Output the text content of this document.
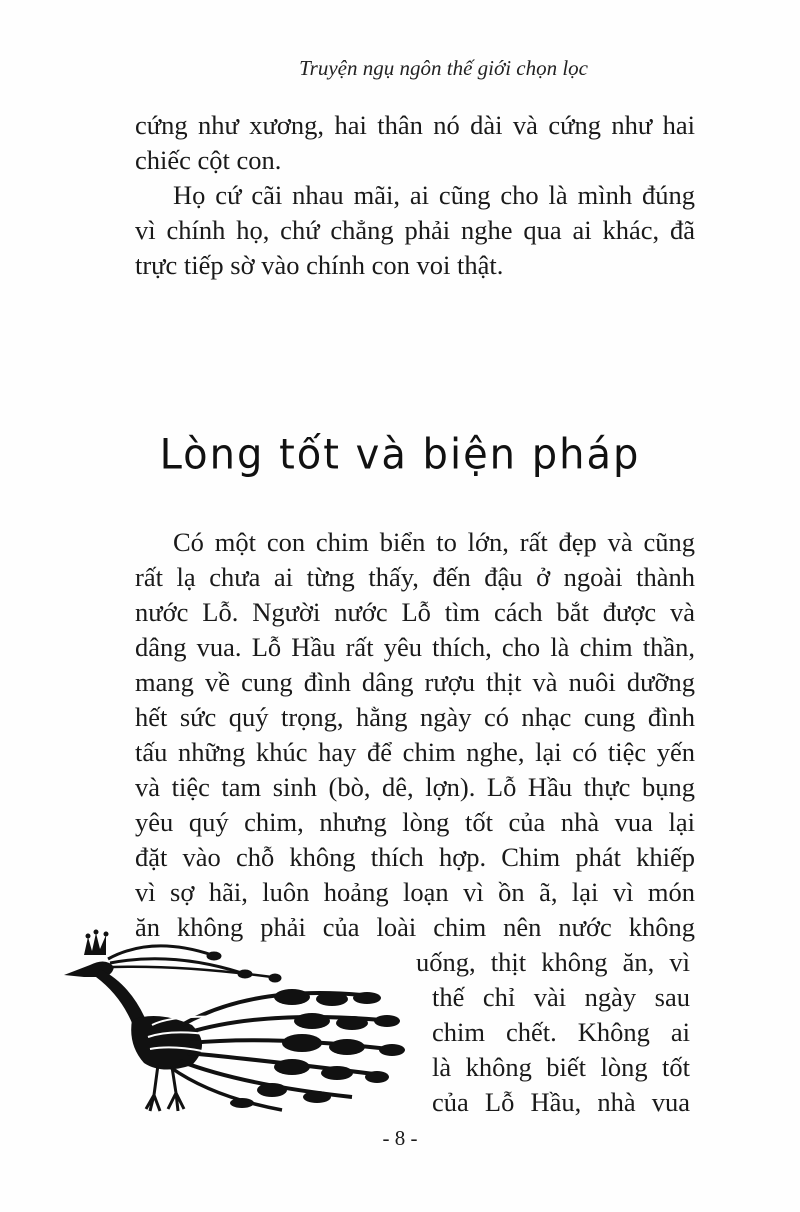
Truyện ngụ ngôn thế giới chọn lọc

cứng như xương, hai thân nó dài và cứng như hai
chiếc cột con.
Họ cứ cãi nhau mãi, ai cũng cho là mình đúng
vì chính họ, chứ chẳng phải nghe qua ai khác, đã
trực tiếp sờ vào chính con voi thật.

Lòng tốt và biện pháp

Có một con chim biển to lớn, rất đẹp và cũng
rất lạ chưa ai từng thấy, đến đậu ở ngoài thành
nước Lỗ. Người nước Lỗ tìm cách bắt được và
dâng vua. Lỗ Hầu rất yêu thích, cho là chim thần,
mang về cung đình dâng rượu thịt và nuôi dưỡng
hết sức quý trọng, hằng ngày có nhạc cung đình
tấu những khúc hay để chim nghe, lại có tiệc yến
và tiệc tam sinh (bò, dê, lợn). Lỗ Hầu thực bụng
yêu quý chim, nhưng lòng tốt của nhà vua lại
đặt vào chỗ không thích hợp. Chim phát khiếp
vì sợ hãi, luôn hoảng loạn vì ồn ã, lại vì món
ăn không phải của loài chim nên nước không

uống, thịt không ăn, vì
thế chỉ vài ngày sau
chim chết. Không ai
là không biết lòng tốt
của Lỗ Hầu, nhà vua
- 8 -
